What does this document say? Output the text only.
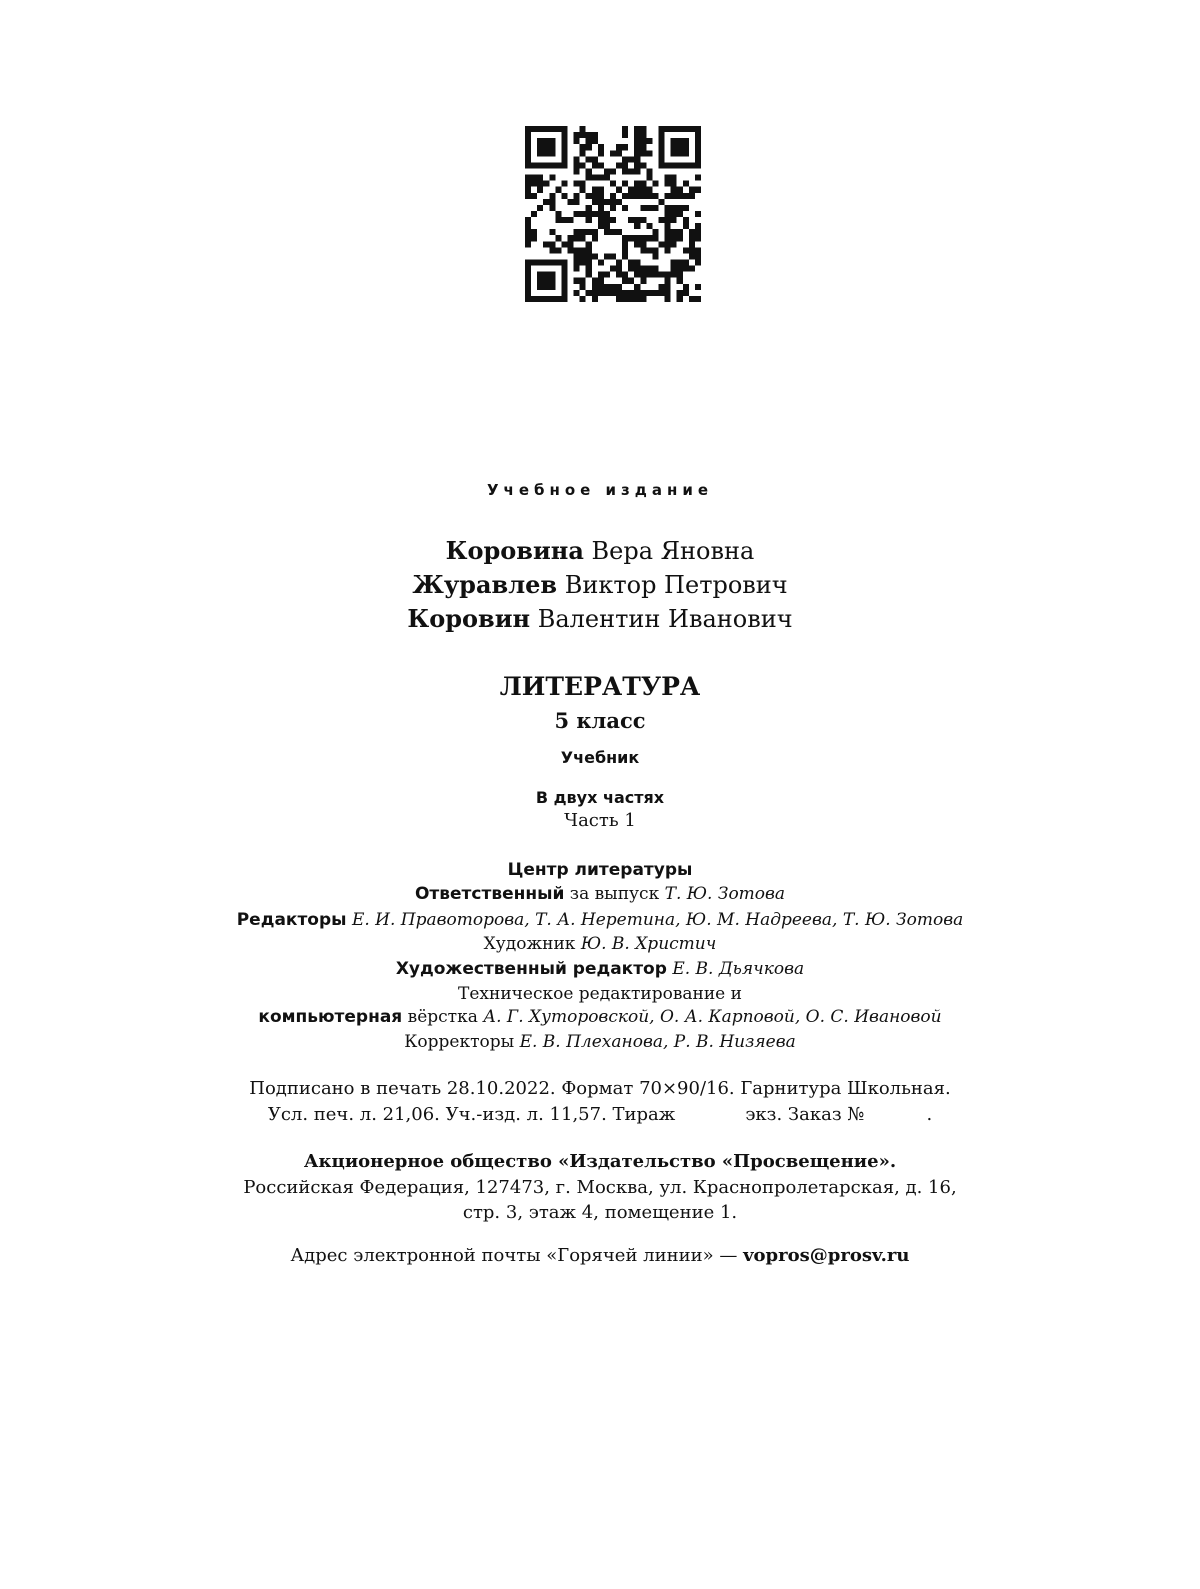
Учебное издание
Коровина Вера Яновна
Журавлев Виктор Петрович
Коровин Валентин Иванович
ЛИТЕРАТУРА
5 класс
Учебник
В двух частях
Часть 1
Центр литературы
Ответственный за выпуск Т. Ю. Зотова
Редакторы Е. И. Правоторова, Т. А. Неретина, Ю. М. Надреева, Т. Ю. Зотова
Художник Ю. В. Христич
Художественный редактор Е. В. Дьячкова
Техническое редактирование и
компьютерная вёрстка А. Г. Хуторовской, О. А. Карповой, О. С. Ивановой
Корректоры Е. В. Плеханова, Р. В. Низяева
Подписано в печать 28.10.2022. Формат 70×90/16. Гарнитура Школьная.
Усл. печ. л. 21,06. Уч.-изд. л. 11,57. Тираж	экз. Заказ №	.
Акционерное общество «Издательство «Просвещение».
Российская Федерация, 127473, г. Москва, ул. Краснопролетарская, д. 16,
стр. 3, этаж 4, помещение 1.
Адрес электронной почты «Горячей линии» — vopros@prosv.ru
